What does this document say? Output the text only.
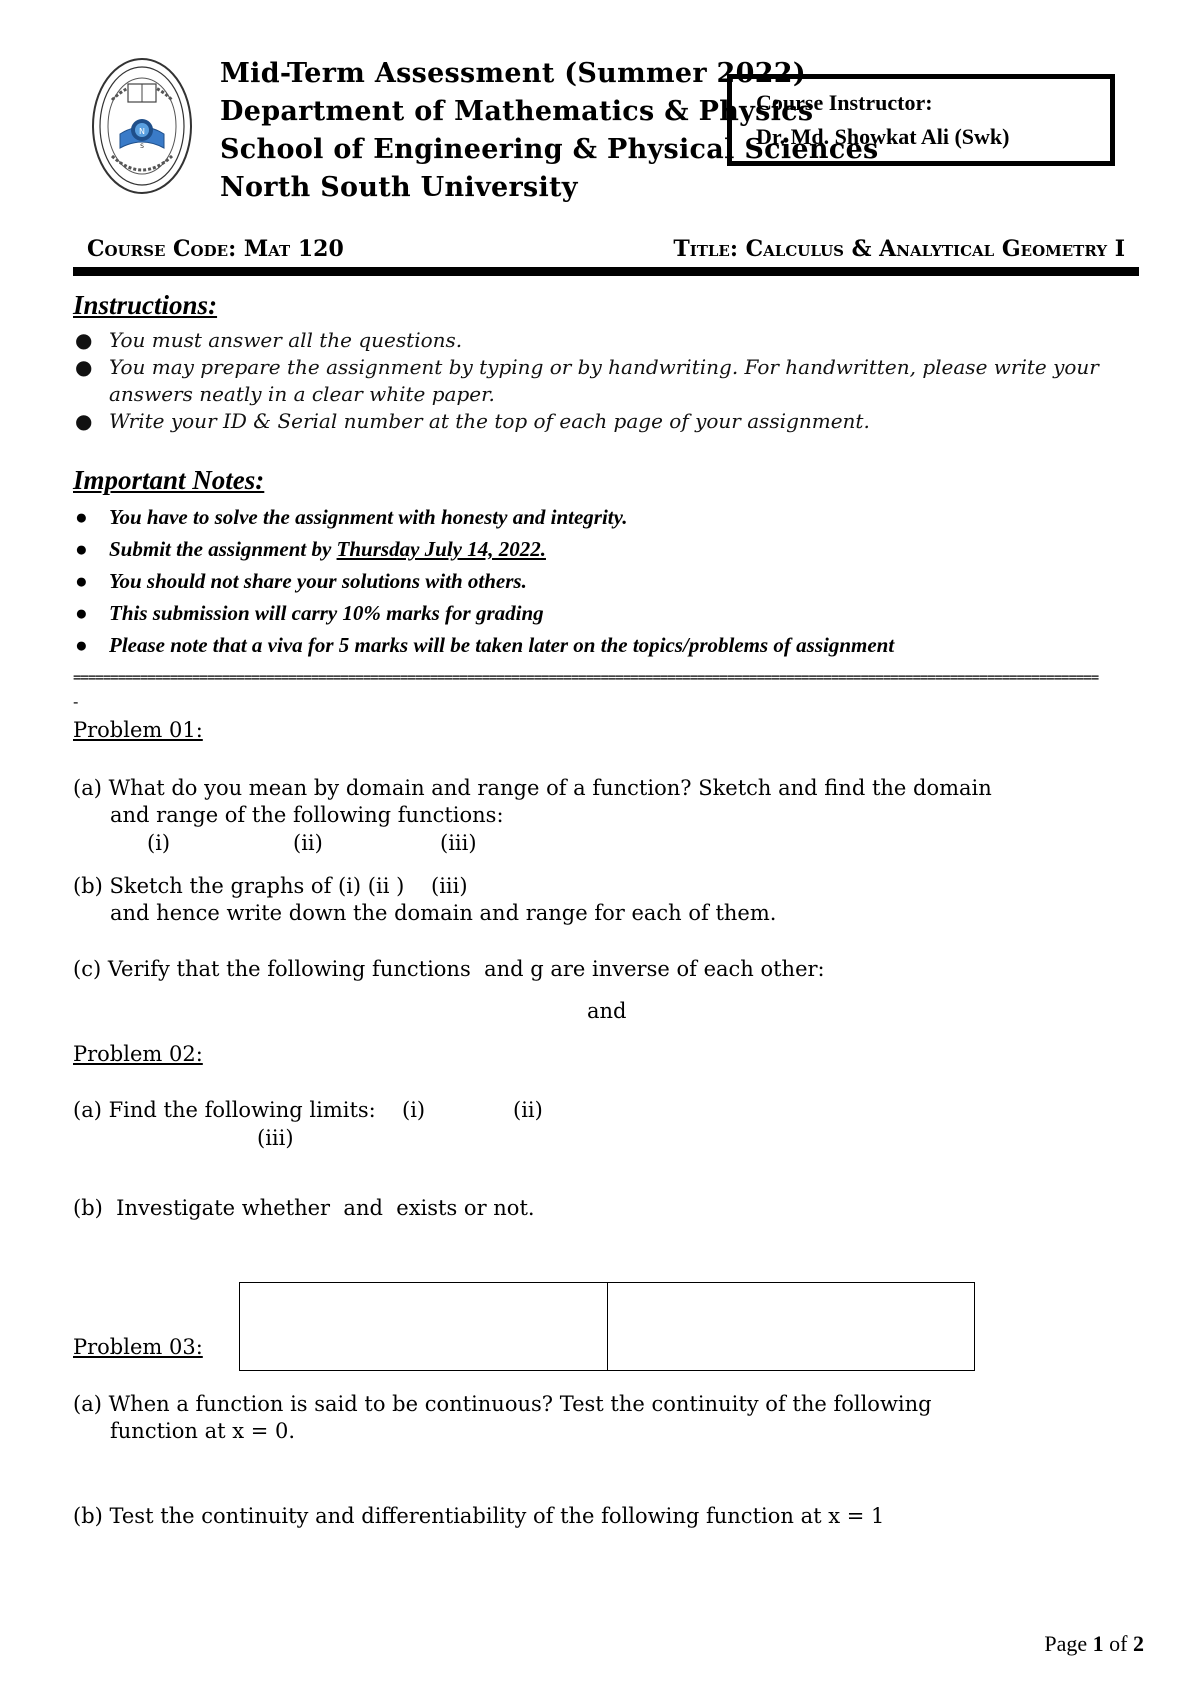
N
S
Mid-Term Assessment (Summer 2022)
Department of Mathematics & Physics
School of Engineering & Physical Sciences
North South University
Course Instructor:
Dr. Md. Showkat Ali (Swk)
Course Code: Mat 120	Title: Calculus & Analytical Geometry I
Instructions:
● You must answer all the questions.
● You may prepare the assignment by typing or by handwriting. For handwritten, please write your answers neatly in a clear white paper.
● Write your ID & Serial number at the top of each page of your assignment.
Important Notes:
● You have to solve the assignment with honesty and integrity.
● Submit the assignment by Thursday July 14, 2022.
● You should not share your solutions with others.
● This submission will carry 10% marks for grading
● Please note that a viva for 5 marks will be taken later on the topics/problems of assignment
==========================================================================================================================================
-
Problem 01:
(a) What do you mean by domain and range of a function? Sketch and find the domain
and range of the following functions:
(i)	(ii)	(iii)
(b) Sketch the graphs of (i) (ii )    (iii)
and hence write down the domain and range for each of them.
(c) Verify that the following functions  and g are inverse of each other:
and
Problem 02:
(a) Find the following limits: (i)	(ii)
(iii)
(b)  Investigate whether  and  exists or not.
Problem 03:
(a) When a function is said to be continuous? Test the continuity of the following
function at x = 0.
(b) Test the continuity and differentiability of the following function at x = 1
Page 1 of 2
